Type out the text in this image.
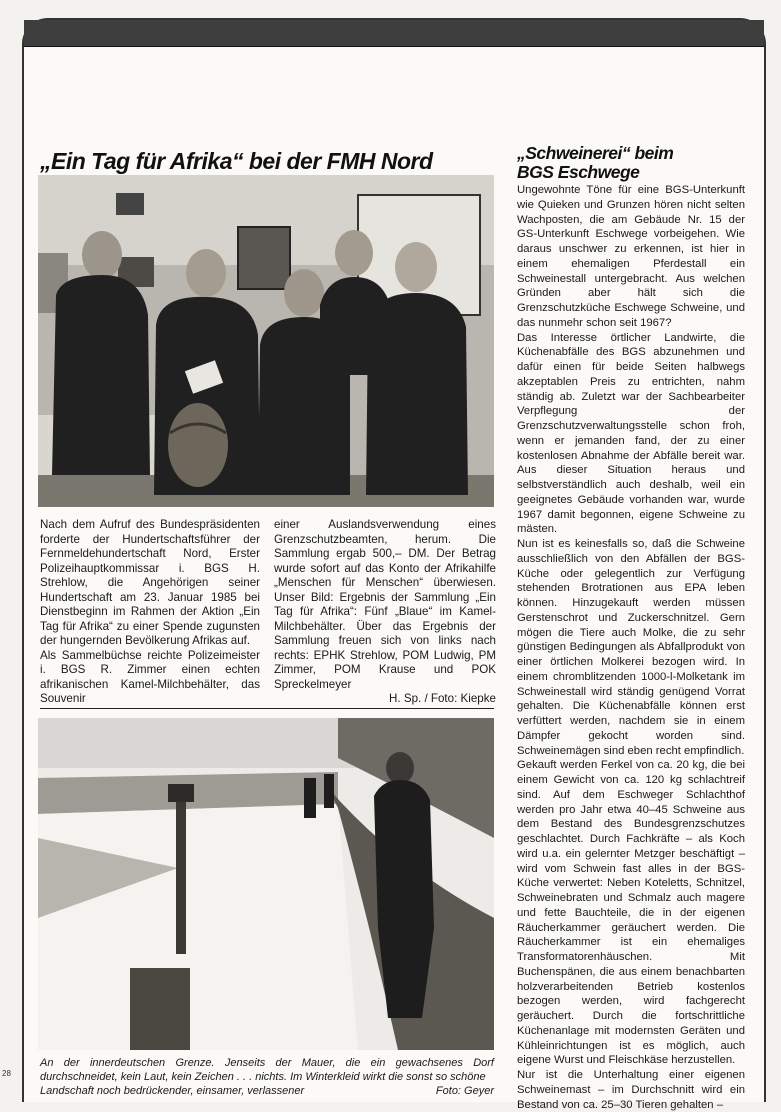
„Ein Tag für Afrika“ bei der FMH Nord	„Schweinerei“ beim
BGS Eschwege

Nach dem Aufruf des Bundespräsidenten forderte der Hundertschaftsführer der Fernmeldehundertschaft Nord, Erster Polizeihauptkommissar i. BGS H. Strehlow, die Angehörigen seiner Hundertschaft am 23. Januar 1985 bei Dienstbeginn im Rahmen der Aktion „Ein Tag für Afrika“ zu einer Spende zugunsten der hungernden Bevölkerung Afrikas auf.

Als Sammelbüchse reichte Polizeimeister i. BGS R. Zimmer einen echten afrikanischen Kamel-Milchbehälter, das Souvenir

einer Auslandsverwendung eines Grenzschutzbeamten, herum. Die Sammlung ergab 500,– DM. Der Betrag wurde sofort auf das Konto der Afrikahilfe „Menschen für Menschen“ überwiesen. Unser Bild: Ergebnis der Sammlung „Ein Tag für Afrika“: Fünf „Blaue“ im Kamel-Milchbehälter. Über das Ergebnis der Sammlung freuen sich von links nach rechts: EPHK Strehlow, POM Ludwig, PM Zimmer, POM Krause und POK Spreckelmeyer

H. Sp. / Foto: Kiepke

An der innerdeutschen Grenze. Jenseits der Mauer, die ein gewachsenes Dorf durchschneidet, kein Laut, kein Zeichen . . . nichts. Im Winterkleid wirkt die sonst so schöne

Landschaft noch bedrückender, einsamer, verlassener	Foto: Geyer

Ungewohnte Töne für eine BGS-Unterkunft wie Quieken und Grunzen hören nicht selten Wachposten, die am Gebäude Nr. 15 der GS-Unterkunft Eschwege vorbeigehen. Wie daraus unschwer zu erkennen, ist hier in einem ehemaligen Pferdestall ein Schweinestall untergebracht. Aus welchen Gründen aber hält sich die Grenzschutzküche Eschwege Schweine, und das nunmehr schon seit 1967?

Das Interesse örtlicher Landwirte, die Küchenabfälle des BGS abzunehmen und dafür einen für beide Seiten halbwegs akzeptablen Preis zu entrichten, nahm ständig ab. Zuletzt war der Sachbearbeiter Verpflegung der Grenzschutzverwaltungsstelle schon froh, wenn er jemanden fand, der zu einer kostenlosen Abnahme der Abfälle bereit war. Aus dieser Situation heraus und selbstverständlich auch deshalb, weil ein geeignetes Gebäude vorhanden war, wurde 1967 damit begonnen, eigene Schweine zu mästen.

Nun ist es keinesfalls so, daß die Schweine ausschließlich von den Abfällen der BGS-Küche oder gelegentlich zur Verfügung stehenden Brotrationen aus EPA leben können. Hinzugekauft werden müssen Gerstenschrot und Zuckerschnitzel. Gern mögen die Tiere auch Molke, die zu sehr günstigen Bedingungen als Abfallprodukt von einer örtlichen Molkerei bezogen wird. In einem chromblitzenden 1000-l-Molketank im Schweinestall wird ständig genügend Vorrat gehalten. Die Küchenabfälle können erst verfüttert werden, nachdem sie in einem Dämpfer gekocht worden sind. Schweinemägen sind eben recht empfindlich.

Gekauft werden Ferkel von ca. 20 kg, die bei einem Gewicht von ca. 120 kg schlachtreif sind. Auf dem Eschweger Schlachthof werden pro Jahr etwa 40–45 Schweine aus dem Bestand des Bundesgrenzschutzes geschlachtet. Durch Fachkräfte – als Koch wird u.a. ein gelernter Metzger beschäftigt – wird vom Schwein fast alles in der BGS-Küche verwertet: Neben Koteletts, Schnitzel, Schweinebraten und Schmalz auch magere und fette Bauchteile, die in der eigenen Räucherkammer geräuchert werden. Die Räucherkammer ist ein ehemaliges Transformatorenhäuschen. Mit Buchenspänen, die aus einem benachbarten holzverarbeitenden Betrieb kostenlos bezogen werden, wird fachgerecht geräuchert. Durch die fortschrittliche Küchenanlage mit modernsten Geräten und Kühleinrichtungen ist es möglich, auch eigene Wurst und Fleischkäse herzustellen.

Nur ist die Unterhaltung einer eigenen Schweinemast – im Durchschnitt wird ein Bestand von ca. 25–30 Tieren gehalten –

28
